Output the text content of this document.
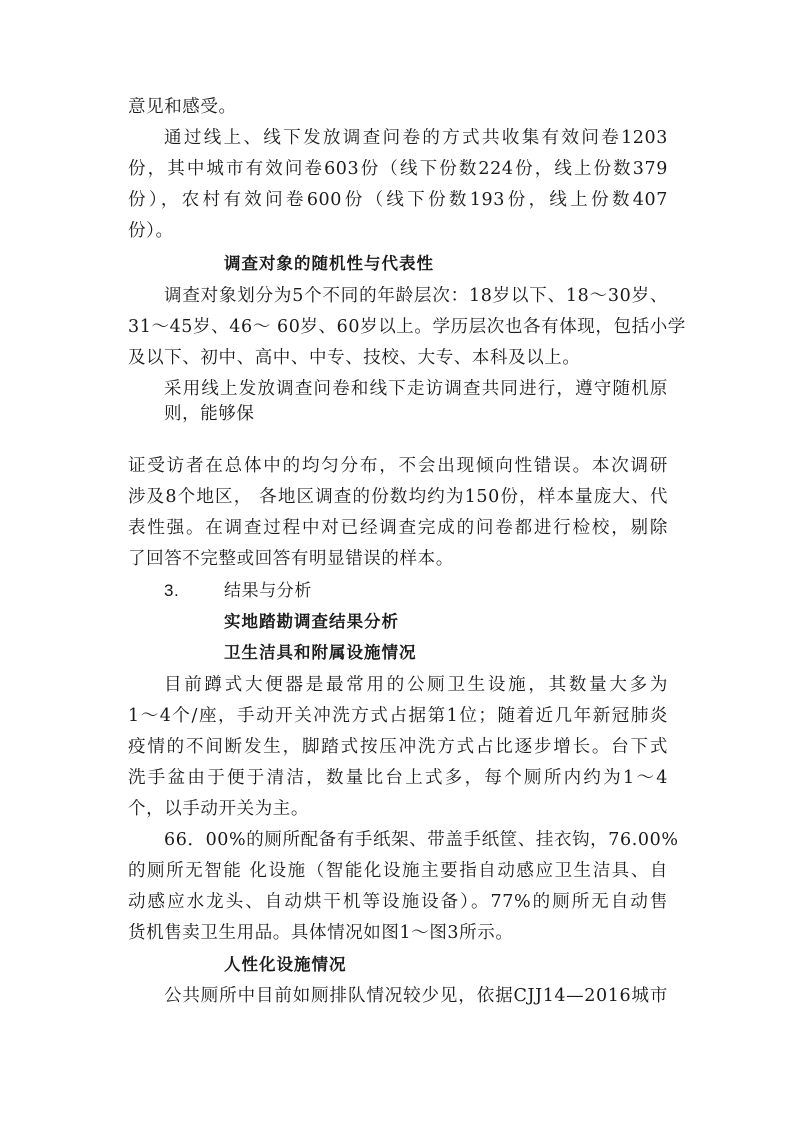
意见和感受。
通过线上、线下发放调查问卷的方式共收集有效问卷1203
份，其中城市有效问卷603份（线下份数224份，线上份数379
份），农村有效问卷600份（线下份数193份，线上份数407
份）。
调查对象的随机性与代表性
调查对象划分为5个不同的年龄层次：18岁以下、18～30岁、
31～45岁、46～ 60岁、60岁以上。学历层次也各有体现，包括小学
及以下、初中、高中、中专、技校、大专、本科及以上。
采用线上发放调查问卷和线下走访调查共同进行，遵守随机原
则，能够保
证受访者在总体中的均匀分布，不会出现倾向性错误。本次调研
涉及8个地区， 各地区调查的份数均约为150份，样本量庞大、代
表性强。在调查过程中对已经调查完成的问卷都进行检校，剔除
了回答不完整或回答有明显错误的样本。
3.	结果与分析
实地踏勘调查结果分析
卫生洁具和附属设施情况
目前蹲式大便器是最常用的公厕卫生设施，其数量大多为
1～4个/座，手动开关冲洗方式占据第1位；随着近几年新冠肺炎
疫情的不间断发生，脚踏式按压冲洗方式占比逐步增长。台下式
洗手盆由于便于清洁，数量比台上式多，每个厕所内约为1～4
个，以手动开关为主。
66．00%的厕所配备有手纸架、带盖手纸筐、挂衣钩，76.00%
的厕所无智能 化设施（智能化设施主要指自动感应卫生洁具、自
动感应水龙头、自动烘干机等设施设备）。77%的厕所无自动售
货机售卖卫生用品。具体情况如图1～图3所示。
人性化设施情况
公共厕所中目前如厕排队情况较少见，依据CJJ14—2016城市
